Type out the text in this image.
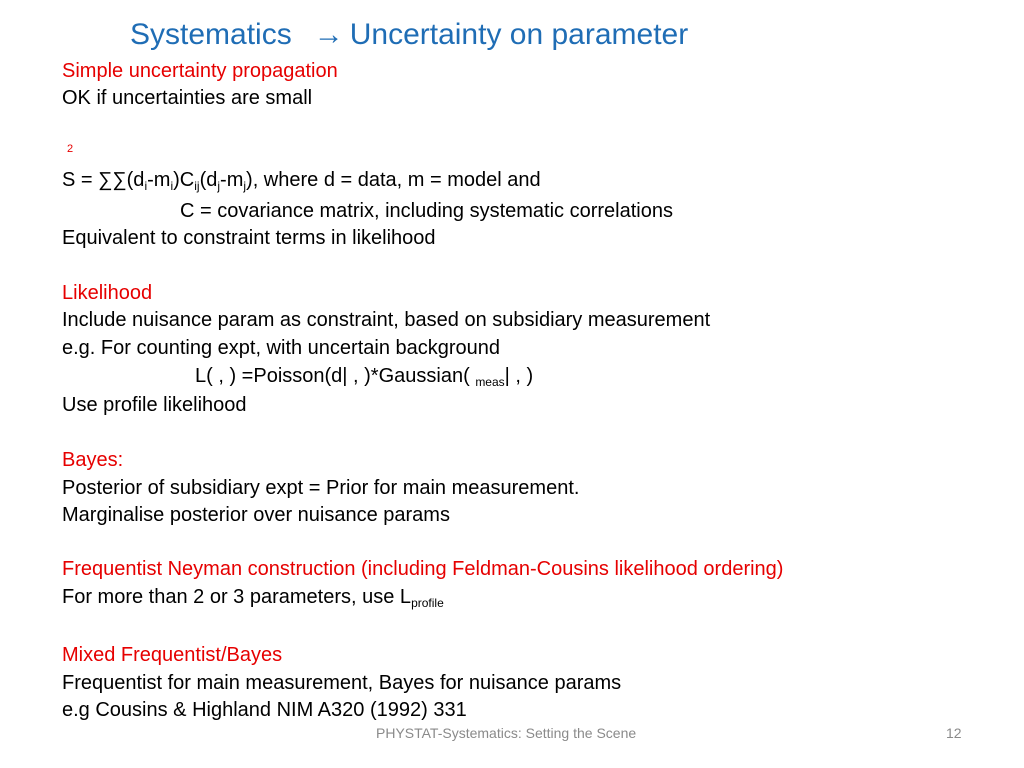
Systematics → Uncertainty on parameter
Simple uncertainty propagation
OK if uncertainties are small
2
$S = \sum\sum(d_i-m_i)C_{ij}(d_j-m_j)$, where d = data, m = model and
C = covariance matrix, including systematic correlations
Equivalent to constraint terms in likelihood
Likelihood
Include nuisance param as constraint, based on subsidiary measurement
e.g. For counting expt, with uncertain background
L( , ) =Poisson(d| , )*Gaussian( $_{meas}$| , )
Use profile likelihood
Bayes:
Posterior of subsidiary expt = Prior for main measurement.
Marginalise posterior over nuisance params
Frequentist Neyman construction (including Feldman-Cousins likelihood ordering)
For more than 2 or 3 parameters, use $L_{profile}$
Mixed Frequentist/Bayes
Frequentist for main measurement, Bayes for nuisance params
e.g Cousins & Highland NIM A320 (1992) 331
PHYSTAT-Systematics: Setting the Scene	12
